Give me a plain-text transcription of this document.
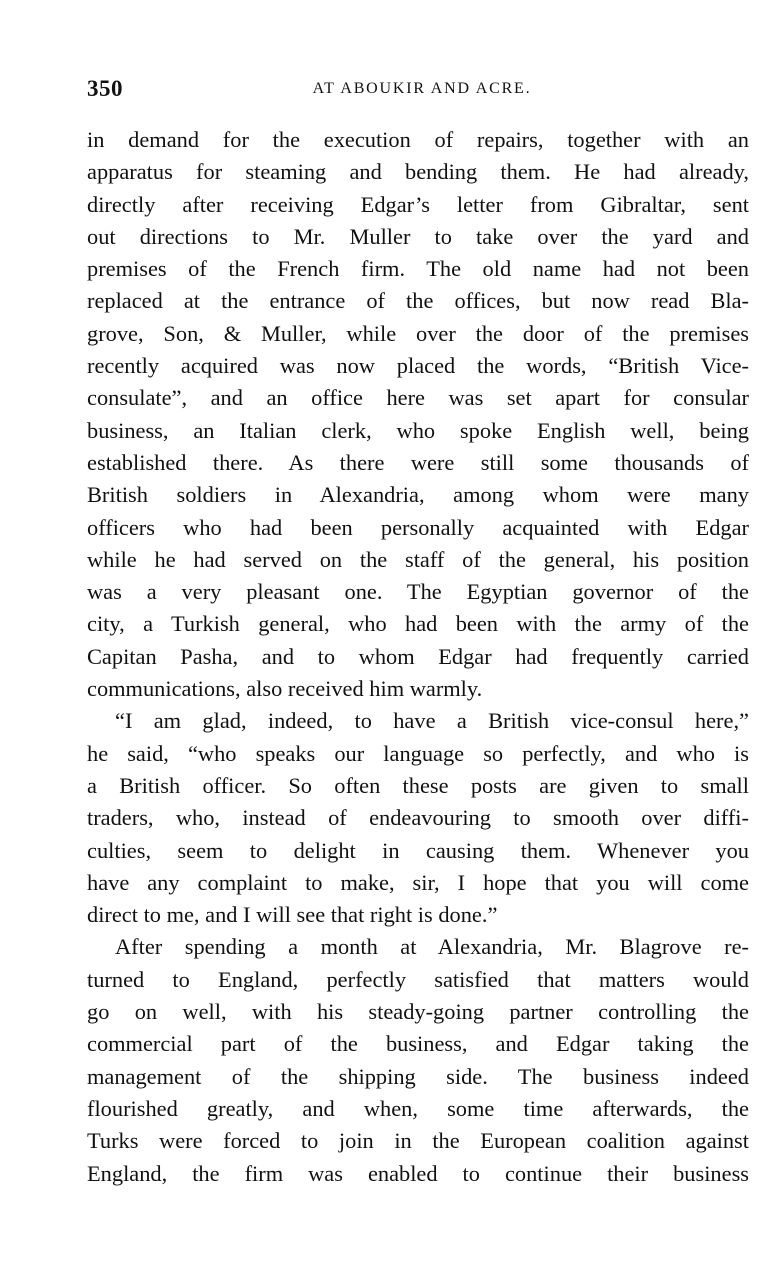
350	AT ABOUKIR AND ACRE.
in demand for the execution of repairs, together with an
apparatus for steaming and bending them. He had already,
directly after receiving Edgar’s letter from Gibraltar, sent
out directions to Mr. Muller to take over the yard and
premises of the French firm. The old name had not been
replaced at the entrance of the offices, but now read Bla-
grove, Son, & Muller, while over the door of the premises
recently acquired was now placed the words, “British Vice-
consulate”, and an office here was set apart for consular
business, an Italian clerk, who spoke English well, being
established there. As there were still some thousands of
British soldiers in Alexandria, among whom were many
officers who had been personally acquainted with Edgar
while he had served on the staff of the general, his position
was a very pleasant one. The Egyptian governor of the
city, a Turkish general, who had been with the army of the
Capitan Pasha, and to whom Edgar had frequently carried
communications, also received him warmly.
“I am glad, indeed, to have a British vice-consul here,”
he said, “who speaks our language so perfectly, and who is
a British officer. So often these posts are given to small
traders, who, instead of endeavouring to smooth over diffi-
culties, seem to delight in causing them. Whenever you
have any complaint to make, sir, I hope that you will come
direct to me, and I will see that right is done.”
After spending a month at Alexandria, Mr. Blagrove re-
turned to England, perfectly satisfied that matters would
go on well, with his steady-going partner controlling the
commercial part of the business, and Edgar taking the
management of the shipping side. The business indeed
flourished greatly, and when, some time afterwards, the
Turks were forced to join in the European coalition against
England, the firm was enabled to continue their business
